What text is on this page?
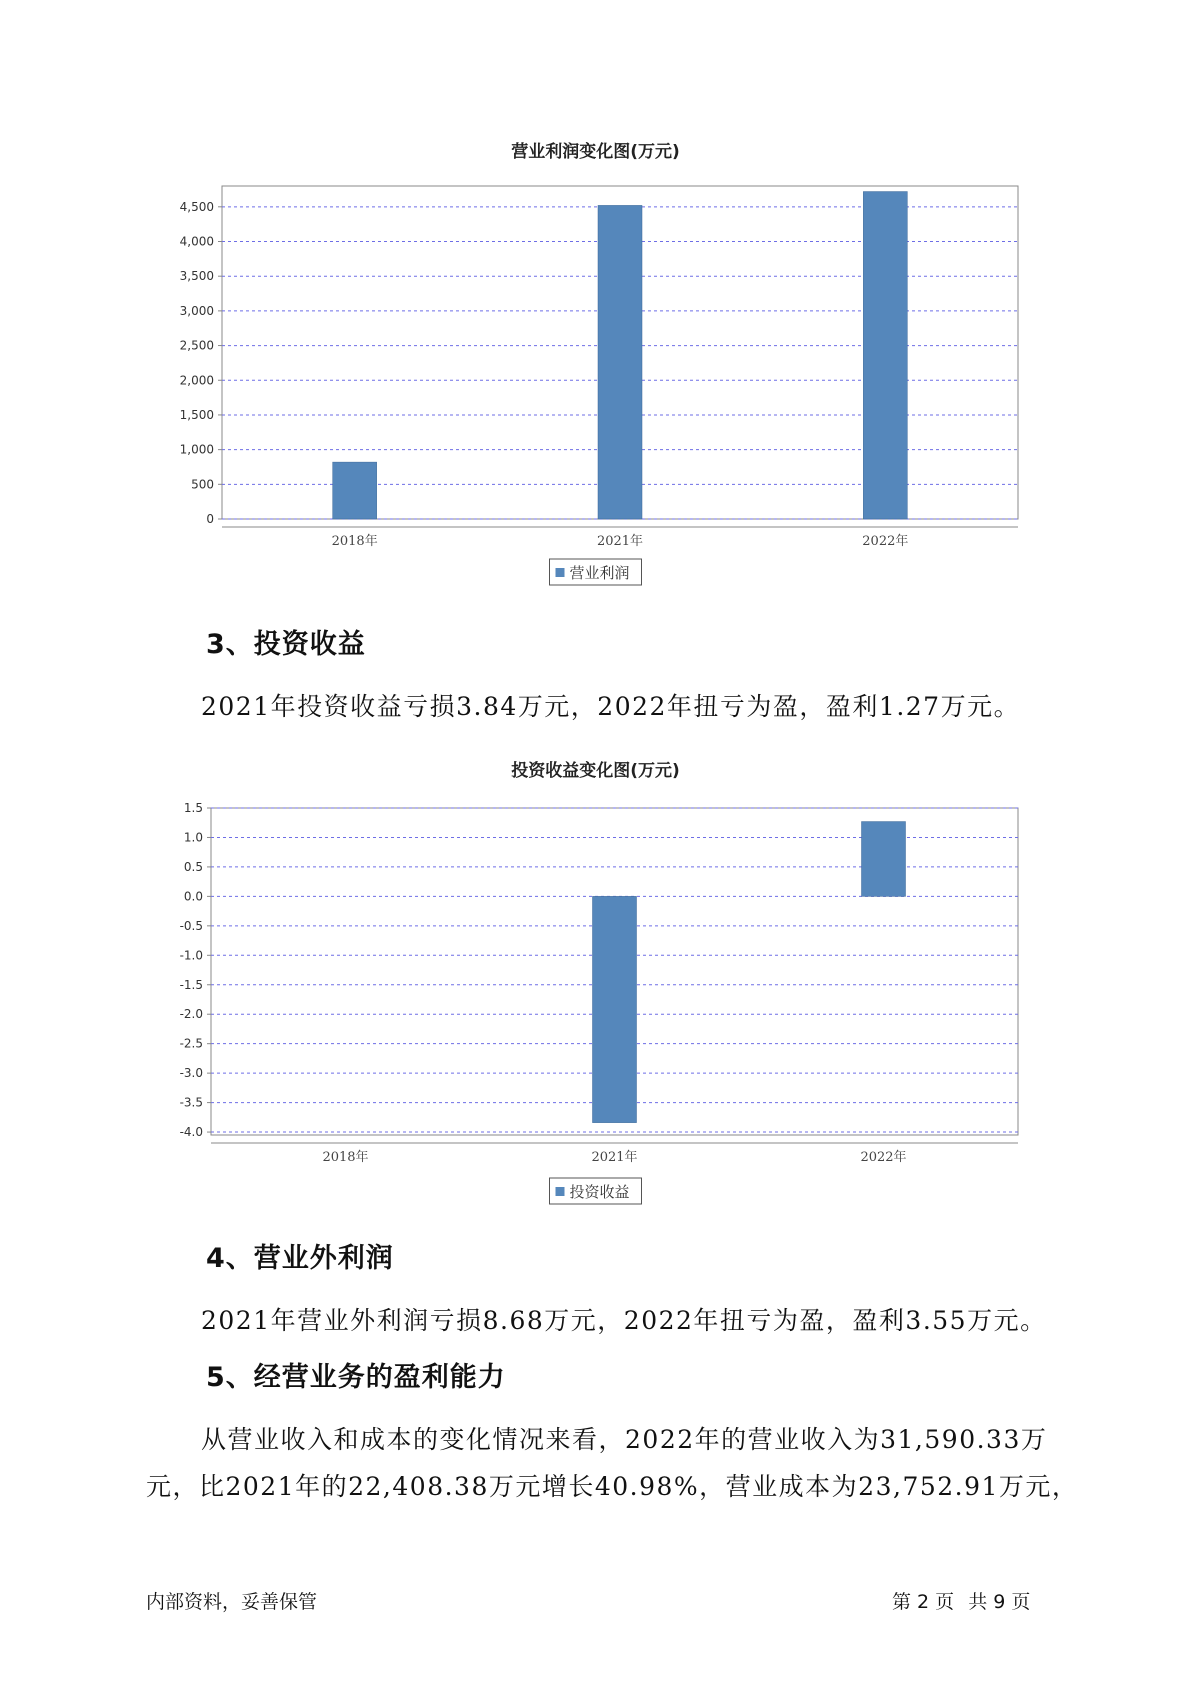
营业利润变化图(万元)
0
500
1,000
1,500
2,000
2,500
3,000
3,500
4,000
4,500
2018年	2021年	2022年
营业利润
3、投资收益

2021年投资收益亏损3.84万元，2022年扭亏为盈，盈利1.27万元。

投资收益变化图(万元)
1.5
1.0
0.5
0.0
-0.5
-1.0
-1.5
-2.0
-2.5
-3.0
-3.5
-4.0
2018年	2021年	2022年
投资收益
4、营业外利润

2021年营业外利润亏损8.68万元，2022年扭亏为盈，盈利3.55万元。

5、经营业务的盈利能力

从营业收入和成本的变化情况来看，2022年的营业收入为31,590.33万

元，比2021年的22,408.38万元增长40.98%，营业成本为23,752.91万元，

内部资料，妥善保管	第 2 页 共 9 页
